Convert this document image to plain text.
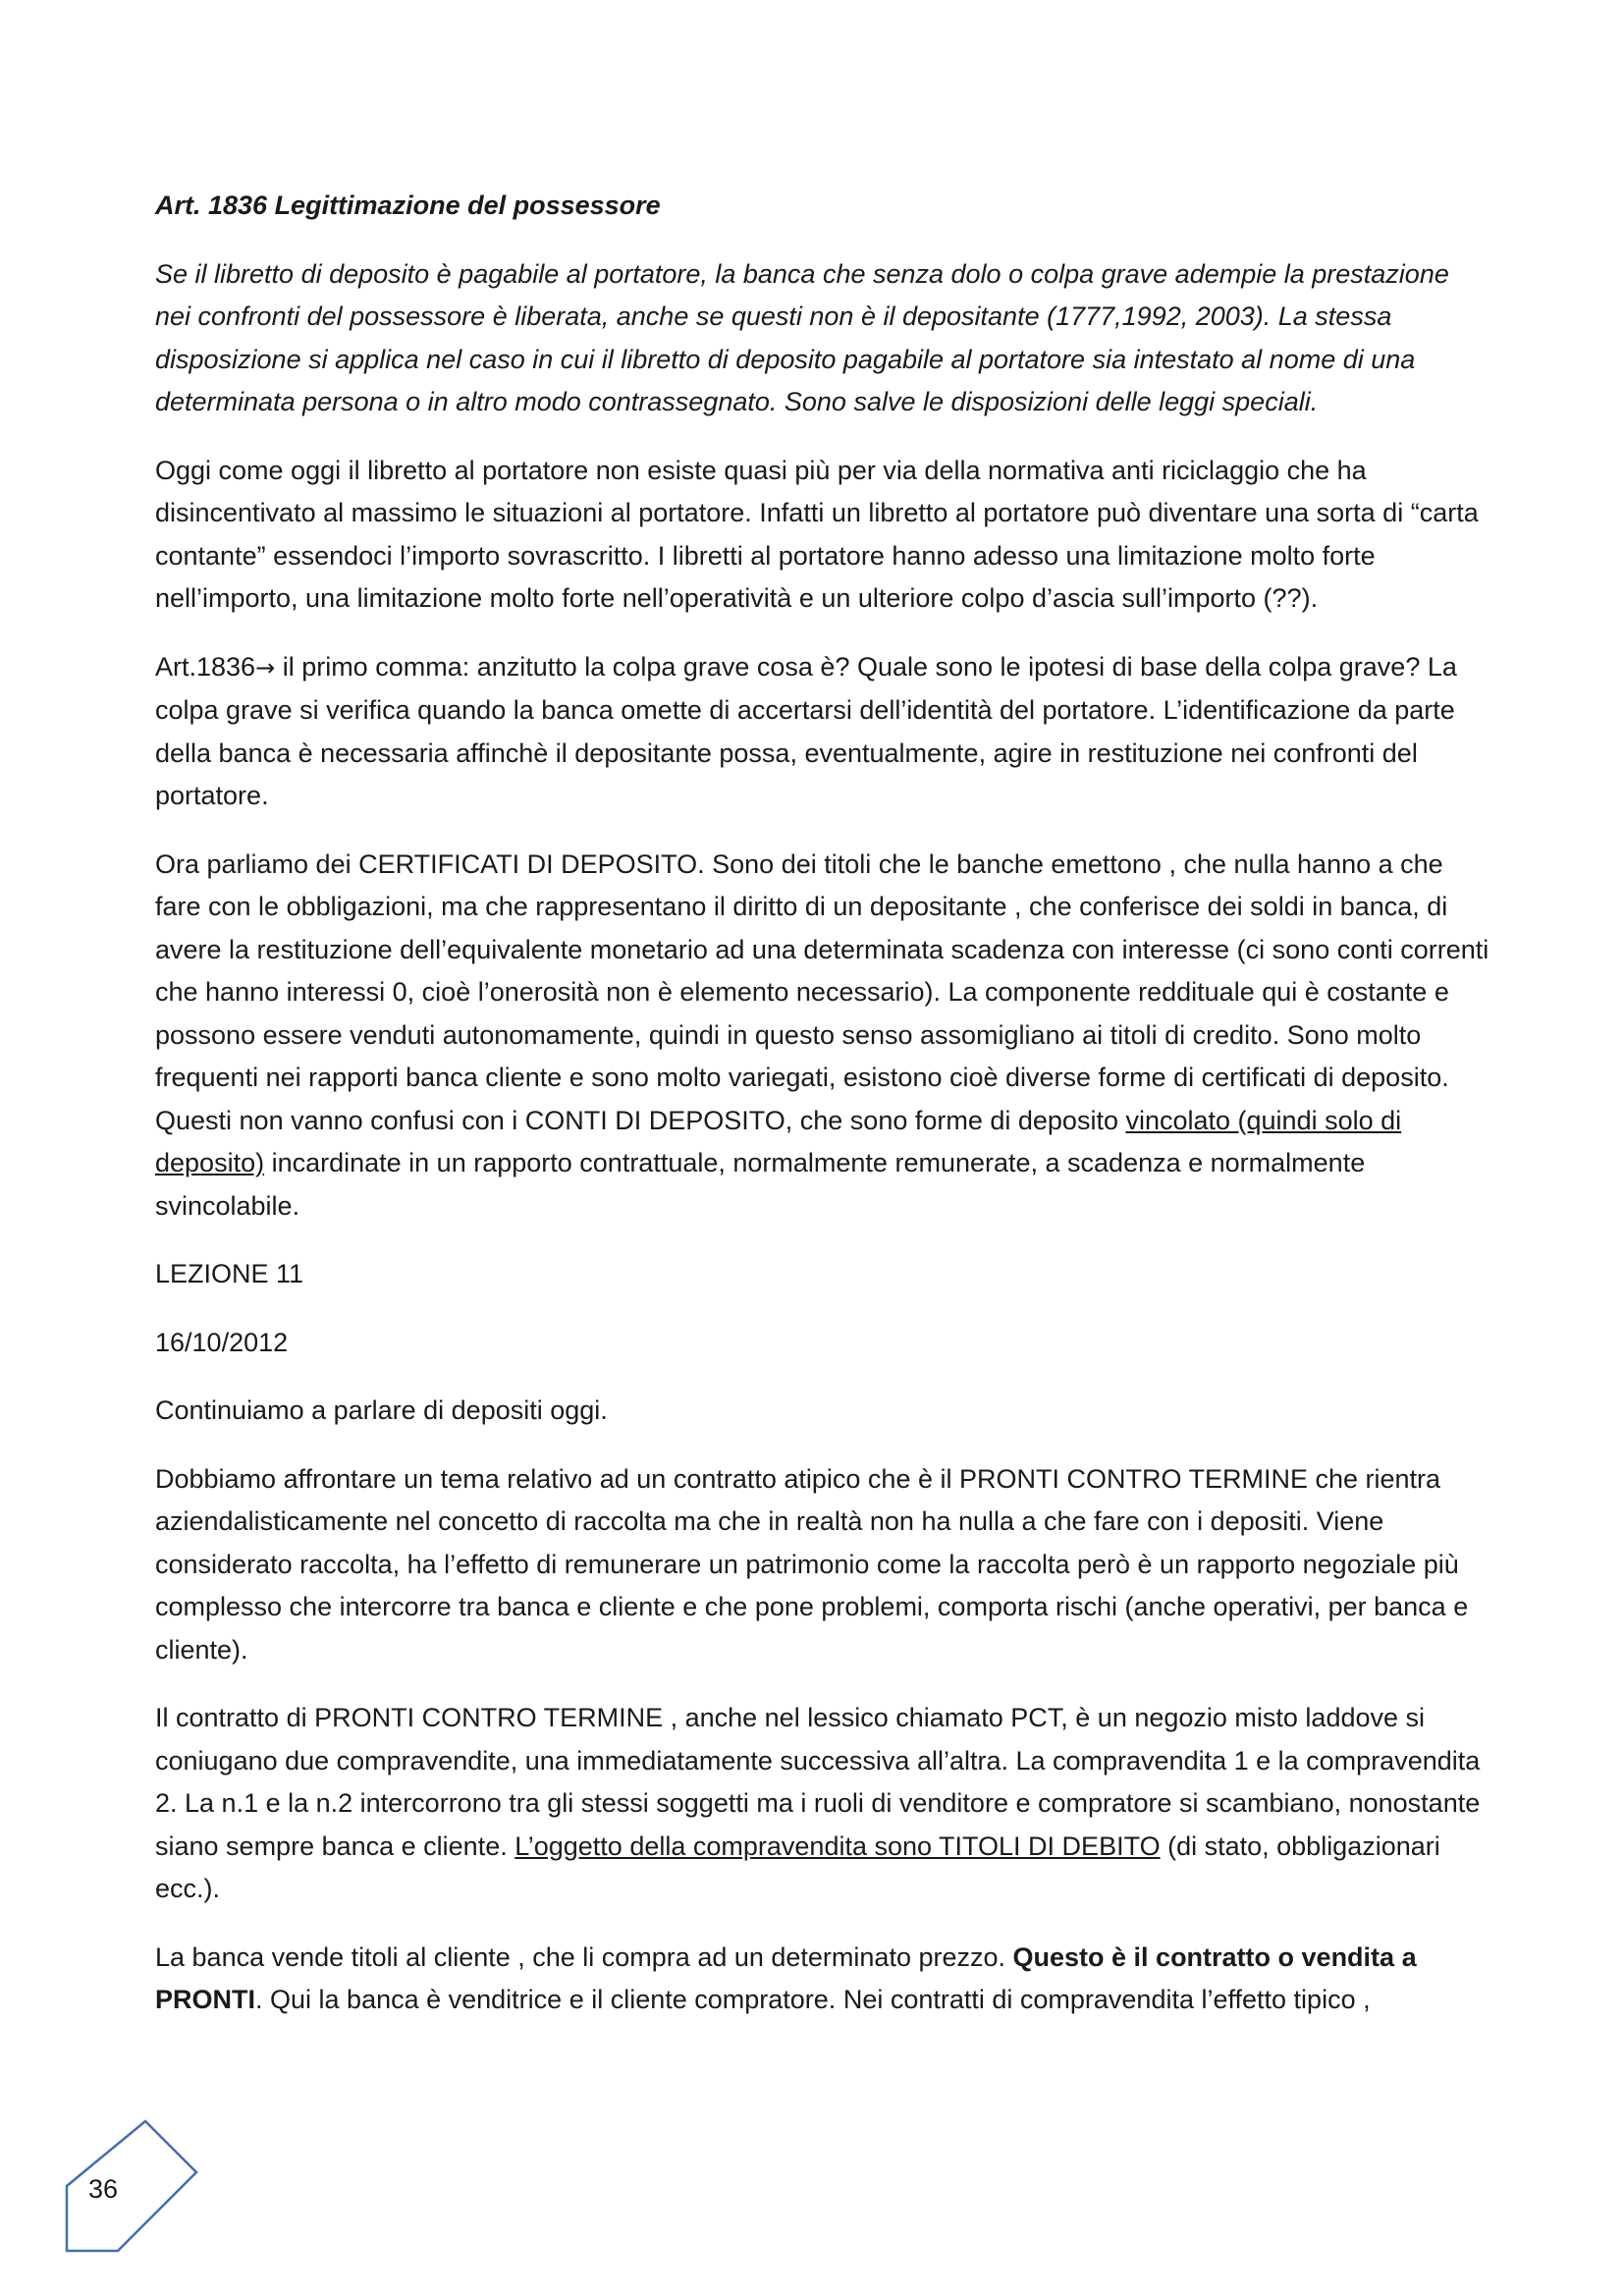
Art. 1836 Legittimazione del possessore

Se il libretto di deposito è pagabile al portatore, la banca che senza dolo o colpa grave adempie la prestazione nei confronti del possessore è liberata, anche se questi non è il depositante (1777,1992, 2003). La stessa disposizione si applica nel caso in cui il libretto di deposito pagabile al portatore sia intestato al nome di una determinata persona o in altro modo contrassegnato. Sono salve le disposizioni delle leggi speciali.

Oggi come oggi il libretto al portatore non esiste quasi più per via della normativa anti riciclaggio che ha disincentivato al massimo le situazioni al portatore. Infatti un libretto al portatore può diventare una sorta di “carta contante” essendoci l’importo sovrascritto. I libretti al portatore hanno adesso una limitazione molto forte nell’importo, una limitazione molto forte nell’operatività e un ulteriore colpo d’ascia sull’importo (??).

Art.1836→ il primo comma: anzitutto la colpa grave cosa è? Quale sono le ipotesi di base della colpa grave? La colpa grave si verifica quando la banca omette di accertarsi dell’identità del portatore. L’identificazione da parte della banca è necessaria affinchè il depositante possa, eventualmente, agire in restituzione nei confronti del portatore.

Ora parliamo dei CERTIFICATI DI DEPOSITO. Sono dei titoli che le banche emettono , che nulla hanno a che fare con le obbligazioni, ma che rappresentano il diritto di un depositante , che conferisce dei soldi in banca, di avere la restituzione dell’equivalente monetario ad una determinata scadenza con interesse (ci sono conti correnti che hanno interessi 0, cioè l’onerosità non è elemento necessario). La componente reddituale qui è costante e possono essere venduti autonomamente, quindi in questo senso assomigliano ai titoli di credito. Sono molto frequenti nei rapporti banca cliente e sono molto variegati, esistono cioè diverse forme di certificati di deposito. Questi non vanno confusi con i CONTI DI DEPOSITO, che sono forme di deposito vincolato (quindi solo di deposito) incardinate in un rapporto contrattuale, normalmente remunerate, a scadenza e normalmente svincolabile.

LEZIONE 11

16/10/2012

Continuiamo a parlare di depositi oggi.

Dobbiamo affrontare un tema relativo ad un contratto atipico che è il PRONTI CONTRO TERMINE che rientra aziendalisticamente nel concetto di raccolta ma che in realtà non ha nulla a che fare con i depositi. Viene considerato raccolta, ha l’effetto di remunerare un patrimonio come la raccolta però è un rapporto negoziale più complesso che intercorre tra banca e cliente e che pone problemi, comporta rischi (anche operativi, per banca e cliente).

Il contratto di PRONTI CONTRO TERMINE , anche nel lessico chiamato PCT, è un negozio misto laddove si coniugano due compravendite, una immediatamente successiva all’altra. La compravendita 1 e la compravendita 2. La n.1 e la n.2 intercorrono tra gli stessi soggetti ma i ruoli di venditore e compratore si scambiano, nonostante siano sempre banca e cliente. L’oggetto della compravendita sono TITOLI DI DEBITO (di stato, obbligazionari ecc.).

La banca vende titoli al cliente , che li compra ad un determinato prezzo. Questo è il contratto o vendita a PRONTI. Qui la banca è venditrice e il cliente compratore. Nei contratti di compravendita l’effetto tipico ,

36
